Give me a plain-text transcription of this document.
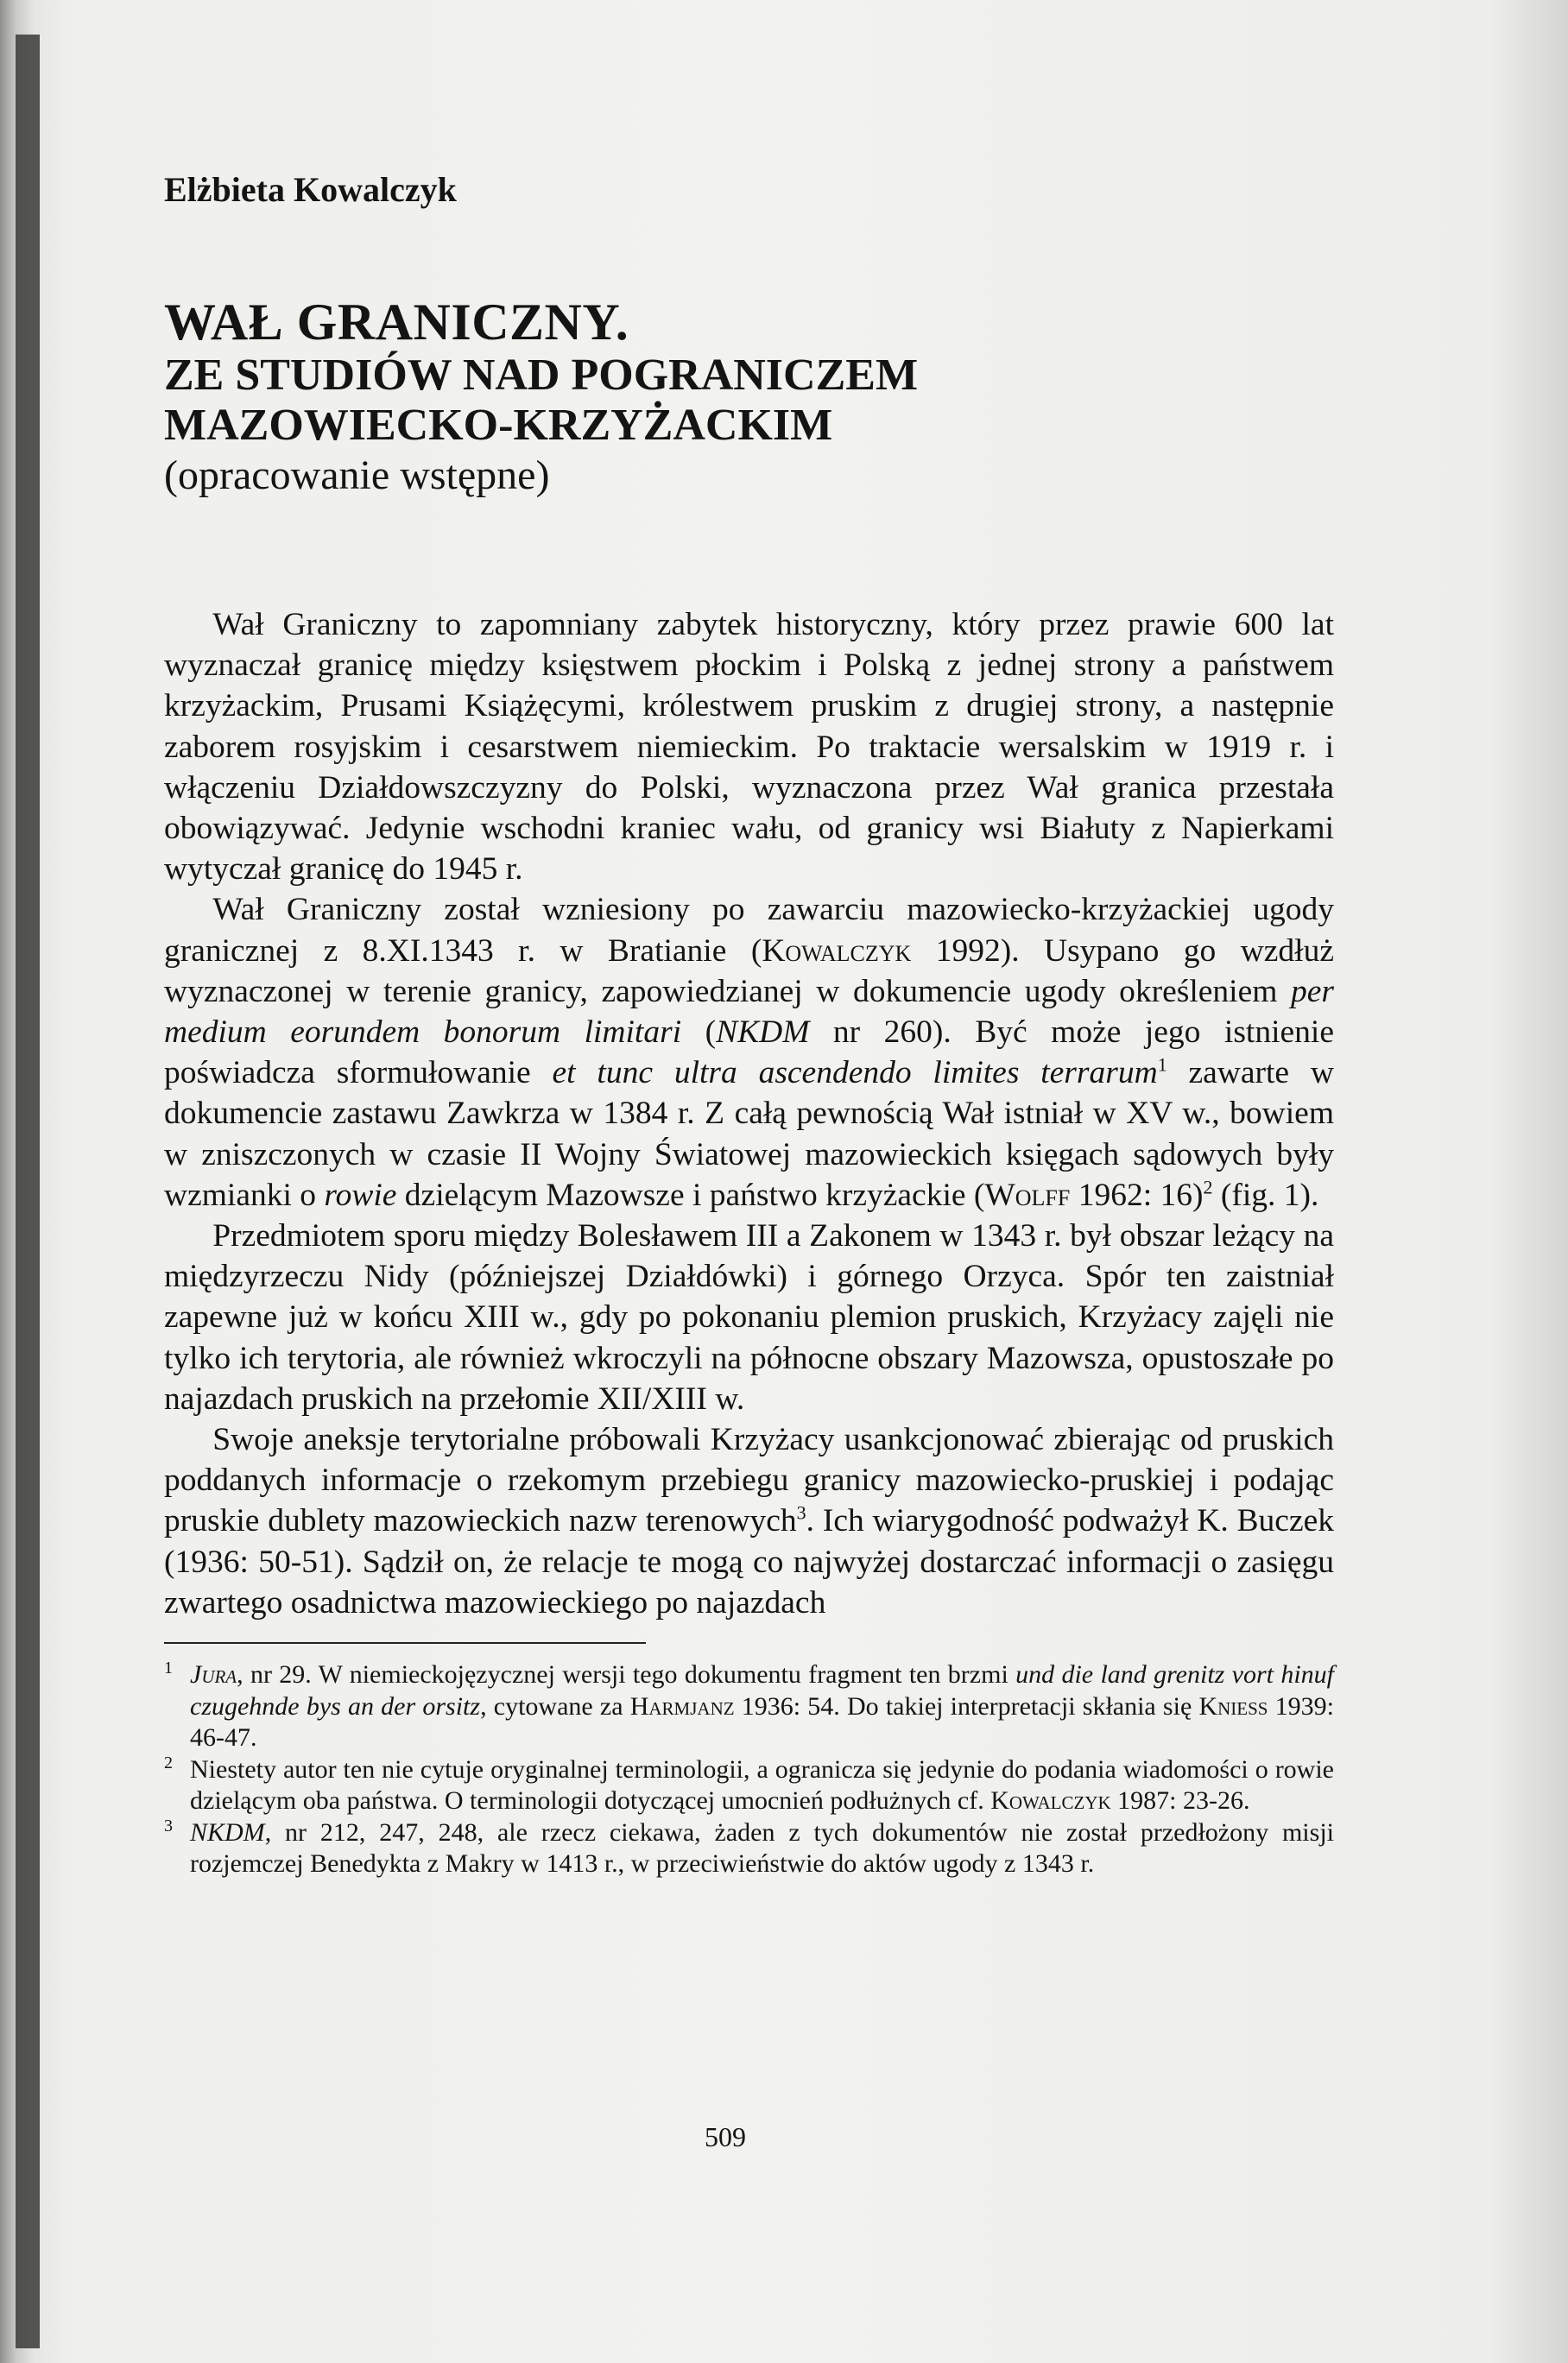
Elżbieta Kowalczyk
WAŁ GRANICZNY.
ZE STUDIÓW NAD POGRANICZEM
MAZOWIECKO-KRZYŻACKIM
(opracowanie wstępne)

Wał Graniczny to zapomniany zabytek historyczny, który przez prawie 600 lat wyznaczał granicę między księstwem płockim i Polską z jednej strony a państwem krzyżackim, Prusami Książęcymi, królestwem pruskim z drugiej strony, a następnie zaborem rosyjskim i cesarstwem niemieckim. Po traktacie wersalskim w 1919 r. i włączeniu Działdowszczyzny do Polski, wyznaczona przez Wał granica przestała obowiązywać. Jedynie wschodni kraniec wału, od granicy wsi Białuty z Napierkami wytyczał granicę do 1945 r.

Wał Graniczny został wzniesiony po zawarciu mazowiecko-krzyżackiej ugody granicznej z 8.XI.1343 r. w Bratianie (Kowalczyk 1992). Usypano go wzdłuż wyznaczonej w terenie granicy, zapowiedzianej w dokumencie ugody określeniem per medium eorundem bonorum limitari (NKDM nr 260). Być może jego istnienie poświadcza sformułowanie et tunc ultra ascendendo limites terrarum$^1$ zawarte w dokumencie zastawu Zawkrza w 1384 r. Z całą pewnością Wał istniał w XV w., bowiem w zniszczonych w czasie II Wojny Światowej mazowieckich księgach sądowych były wzmianki o rowie dzielącym Mazowsze i państwo krzyżackie (Wolff 1962: 16)$^2$ (fig. 1).

Przedmiotem sporu między Bolesławem III a Zakonem w 1343 r. był obszar leżący na międzyrzeczu Nidy (późniejszej Działdówki) i górnego Orzyca. Spór ten zaistniał zapewne już w końcu XIII w., gdy po pokonaniu plemion pruskich, Krzyżacy zajęli nie tylko ich terytoria, ale również wkroczyli na północne obszary Mazowsza, opustoszałe po najazdach pruskich na przełomie XII/XIII w.

Swoje aneksje terytorialne próbowali Krzyżacy usankcjonować zbierając od pruskich poddanych informacje o rzekomym przebiegu granicy mazowiecko-pruskiej i podając pruskie dublety mazowieckich nazw terenowych$^3$. Ich wiarygodność podważył K. Buczek (1936: 50-51). Sądził on, że relacje te mogą co najwyżej dostarczać informacji o zasięgu zwartego osadnictwa mazowieckiego po najazdach

1 Jura, nr 29. W niemieckojęzycznej wersji tego dokumentu fragment ten brzmi und die land grenitz vort hinuf czugehnde bys an der orsitz, cytowane za Harmjanz 1936: 54. Do takiej interpretacji skłania się Kniess 1939: 46-47.

2 Niestety autor ten nie cytuje oryginalnej terminologii, a ogranicza się jedynie do podania wiadomości o rowie dzielącym oba państwa. O terminologii dotyczącej umocnień podłużnych cf. Kowalczyk 1987: 23-26.

3 NKDM, nr 212, 247, 248, ale rzecz ciekawa, żaden z tych dokumentów nie został przedłożony misji rozjemczej Benedykta z Makry w 1413 r., w przeciwieństwie do aktów ugody z 1343 r.

509
